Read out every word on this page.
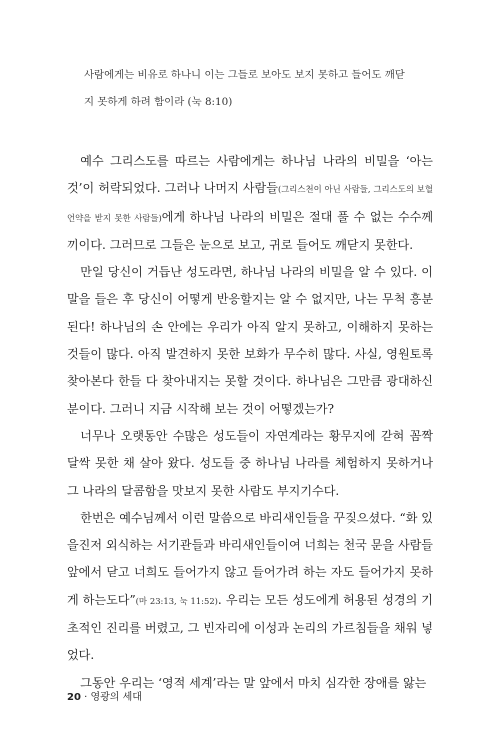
사람에게는 비유로 하나니 이는 그들로 보아도 보지 못하고 들어도 깨닫

지 못하게 하려 함이라 (눅 8:10)

예수 그리스도를 따르는 사람에게는 하나님 나라의 비밀을 ‘아는 것’이 허락되었다. 그러나 나머지 사람들(그리스천이 아닌 사람들, 그리스도의 보혈 언약을 받지 못한 사람들)에게 하나님 나라의 비밀은 절대 풀 수 없는 수수께끼이다. 그러므로 그들은 눈으로 보고, 귀로 들어도 깨닫지 못한다.

만일 당신이 거듭난 성도라면, 하나님 나라의 비밀을 알 수 있다. 이 말을 들은 후 당신이 어떻게 반응할지는 알 수 없지만, 나는 무척 흥분된다! 하나님의 손 안에는 우리가 아직 알지 못하고, 이해하지 못하는 것들이 많다. 아직 발견하지 못한 보화가 무수히 많다. 사실, 영원토록 찾아본다 한들 다 찾아내지는 못할 것이다. 하나님은 그만큼 광대하신 분이다. 그러니 지금 시작해 보는 것이 어떻겠는가?

너무나 오랫동안 수많은 성도들이 자연계라는 황무지에 갇혀 꼼짝달싹 못한 채 살아 왔다. 성도들 중 하나님 나라를 체험하지 못하거나 그 나라의 달콤함을 맛보지 못한 사람도 부지기수다.

한번은 예수님께서 이런 말씀으로 바리새인들을 꾸짖으셨다. “화 있을진저 외식하는 서기관들과 바리새인들이여 너희는 천국 문을 사람들 앞에서 닫고 너희도 들어가지 않고 들어가려 하는 자도 들어가지 못하게 하는도다”(마 23:13, 눅 11:52). 우리는 모든 성도에게 허용된 성경의 기초적인 진리를 버렸고, 그 빈자리에 이성과 논리의 가르침들을 채워 넣었다.

그동안 우리는 ‘영적 세계’라는 말 앞에서 마치 심각한 장애를 앓는

20 · 영광의 세대
